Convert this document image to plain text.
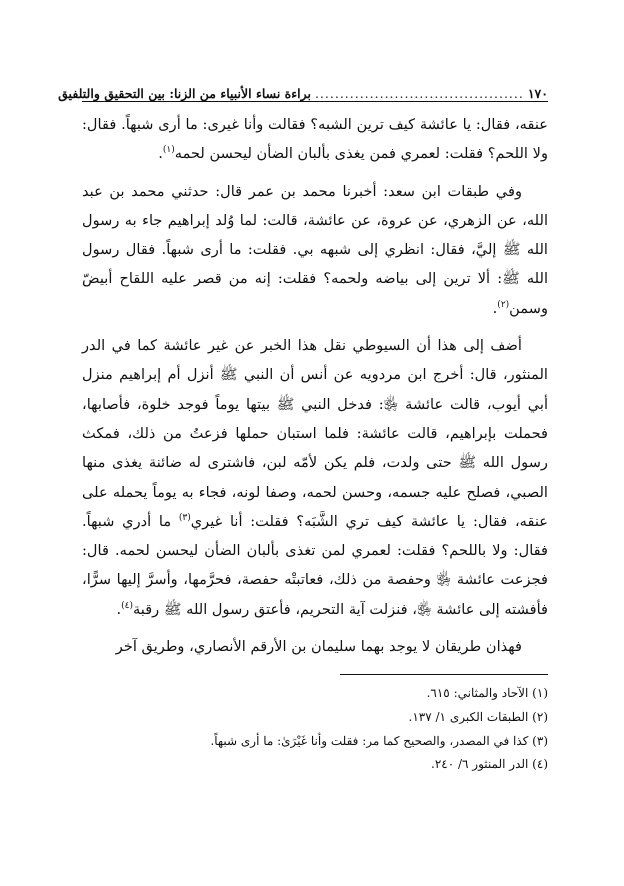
١٧٠
..........................................
براءة نساء الأنبياء من الزنا: بين التحقيق والتلفيق

عنقه، فقال: يا عائشة كيف ترين الشبه؟ فقالت وأنا غيرى: ما أرى شبهاً. فقال: ولا اللحم؟ فقلت: لعمري فمن يغذى بألبان الضأن ليحسن لحمه$^{(١)}$.

وفي طبقات ابن سعد: أخبرنا محمد بن عمر قال: حدثني محمد بن عبد الله، عن الزهري، عن عروة، عن عائشة، قالت: لما وُلد إبراهيم جاء به رسول الله ﷺ إليَّ، فقال: انظري إلى شبهه بي. فقلت: ما أرى شبهاً. فقال رسول الله ﷺ: ألا ترين إلى بياضه ولحمه؟ فقلت: إنه من قصر عليه اللقاح أبيضّ وسمن$^{(٢)}$.

أضف إلى هذا أن السيوطي نقل هذا الخبر عن غير عائشة كما في الدر المنثور، قال: أخرج ابن مردويه عن أنس أن النبي ﷺ أنزل أم إبراهيم منزل أبي أيوب، قالت عائشة ﵂: فدخل النبي ﷺ بيتها يوماً فوجد خلوة، فأصابها، فحملت بإبراهيم، قالت عائشة: فلما استبان حملها فزعتُ من ذلك، فمكث رسول الله ﷺ حتى ولدت، فلم يكن لأمّه لبن، فاشترى له ضائنة يغذى منها الصبي، فصلح عليه جسمه، وحسن لحمه، وصفا لونه، فجاء به يوماً يحمله على عنقه، فقال: يا عائشة كيف تري الشَّبَه؟ فقلت: أنا غيري$^{(٣)}$ ما أدري شبهاً. فقال: ولا باللحم؟ فقلت: لعمري لمن تغذى بألبان الضأن ليحسن لحمه. قال: فجزعت عائشة ﵂ وحفصة من ذلك، فعاتبتْه حفصة، فحرَّمها، وأسرَّ إليها سرًّا، فأفشته إلى عائشة ﵂، فنزلت آية التحريم، فأعتق رسول الله ﷺ رقبة$^{(٤)}$.

فهذان طريقان لا يوجد بهما سليمان بن الأرقم الأنصاري، وطريق آخر

(١) الآحاد والمثاني: ٦١٥.
(٢) الطبقات الكبرى ١/ ١٣٧.
(٣) كذا في المصدر، والصحيح كما مر: فقلت وأنا غَيْرَىٰ: ما أرى شبهاً.
(٤) الدر المنثور ٦/ ٢٤٠.
